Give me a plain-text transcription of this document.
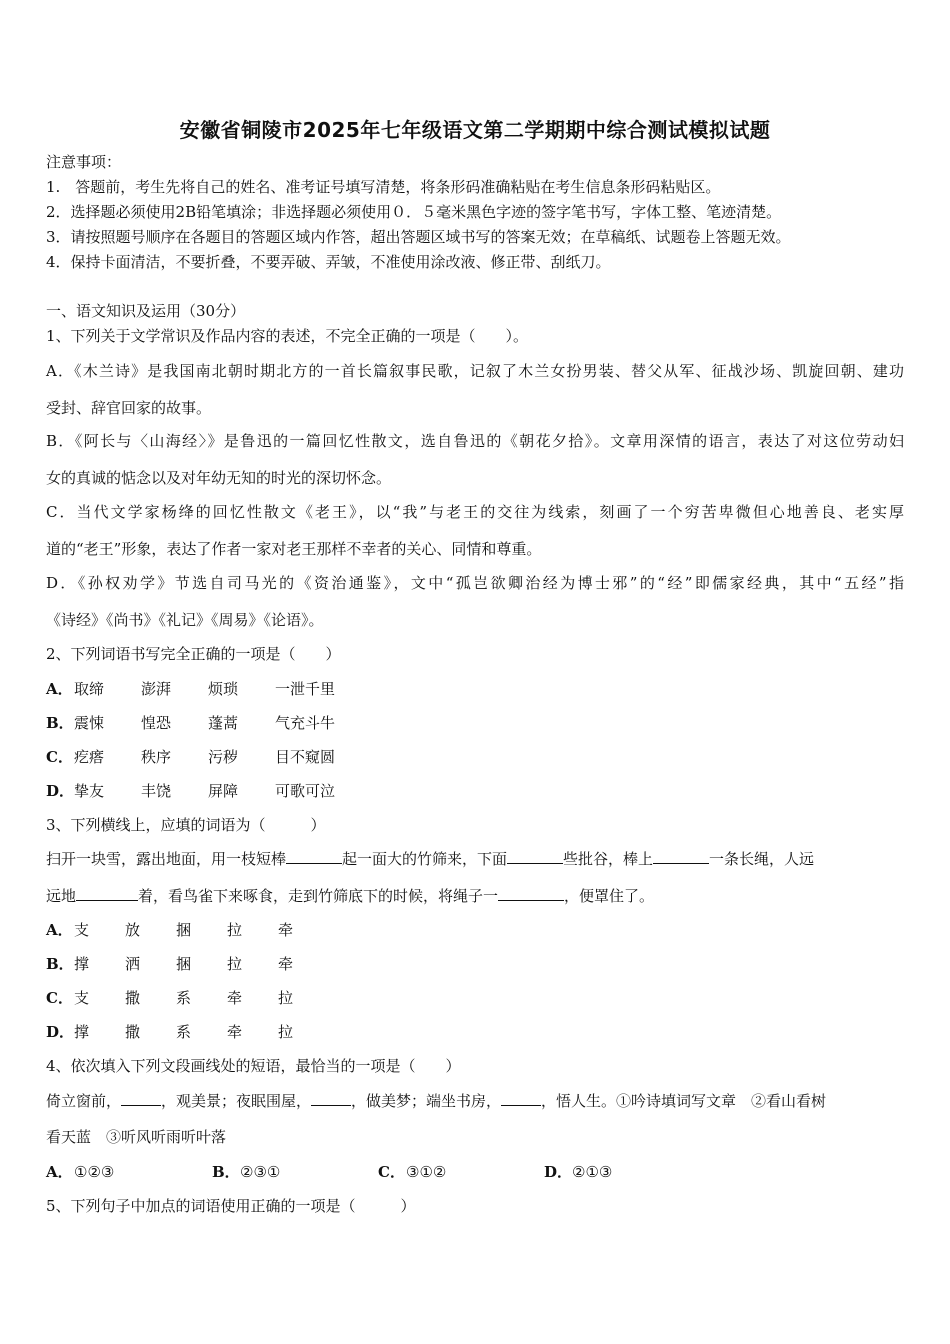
安徽省铜陵市2025年七年级语文第二学期期中综合测试模拟试题
注意事项：
1.　答题前，考生先将自己的姓名、准考证号填写清楚，将条形码准确粘贴在考生信息条形码粘贴区。
2．选择题必须使用2B铅笔填涂；非选择题必须使用０．５毫米黑色字迹的签字笔书写，字体工整、笔迹清楚。
3．请按照题号顺序在各题目的答题区域内作答，超出答题区域书写的答案无效；在草稿纸、试题卷上答题无效。
4．保持卡面清洁，不要折叠，不要弄破、弄皱，不准使用涂改液、修正带、刮纸刀。
一、语文知识及运用（30分）
1、下列关于文学常识及作品内容的表述，不完全正确的一项是（　　）。
A．《木兰诗》是我国南北朝时期北方的一首长篇叙事民歌，记叙了木兰女扮男装、替父从军、征战沙场、凯旋回朝、建功
受封、辞官回家的故事。
B．《阿长与〈山海经〉》是鲁迅的一篇回忆性散文，选自鲁迅的《朝花夕拾》。文章用深情的语言，表达了对这位劳动妇
女的真诚的惦念以及对年幼无知的时光的深切怀念。
C．当代文学家杨绛的回忆性散文《老王》，以“我”与老王的交往为线索，刻画了一个穷苦卑微但心地善良、老实厚
道的“老王”形象，表达了作者一家对老王那样不幸者的关心、同情和尊重。
D．《孙权劝学》节选自司马光的《资治通鉴》，文中“孤岂欲卿治经为博士邪”的“经”即儒家经典，其中“五经”指
《诗经》《尚书》《礼记》《周易》《论语》。
2、下列词语书写完全正确的一项是（　　）
A．取缔 澎湃 烦琐 一泄千里
B．震悚 惶恐 蓬蒿 气充斗牛
C．疙瘩 秩序 污秽 目不窥圆
D．挚友 丰饶 屏障 可歌可泣
3、下列横线上，应填的词语为（　　　）
扫开一块雪，露出地面，用一枝短棒	起一面大的竹筛来，下面	些批谷，棒上	一条长绳，人远
远地	着，看鸟雀下来啄食，走到竹筛底下的时候，将绳子一	，便罩住了。
A．支 放 捆 拉 牵
B．撑 洒 捆 拉 牵
C．支 撒 系 牵 拉
D．撑 撒 系 牵 拉
4、依次填入下列文段画线处的短语，最恰当的一项是（　　）
倚立窗前，	，观美景；夜眠围屋，	，做美梦；端坐书房，	，悟人生。①吟诗填词写文章　②看山看树
看天蓝　③听风听雨听叶落
A．①②③	B．②③①	C．③①②	D．②①③
5、下列句子中加点的词语使用正确的一项是（　　　）
